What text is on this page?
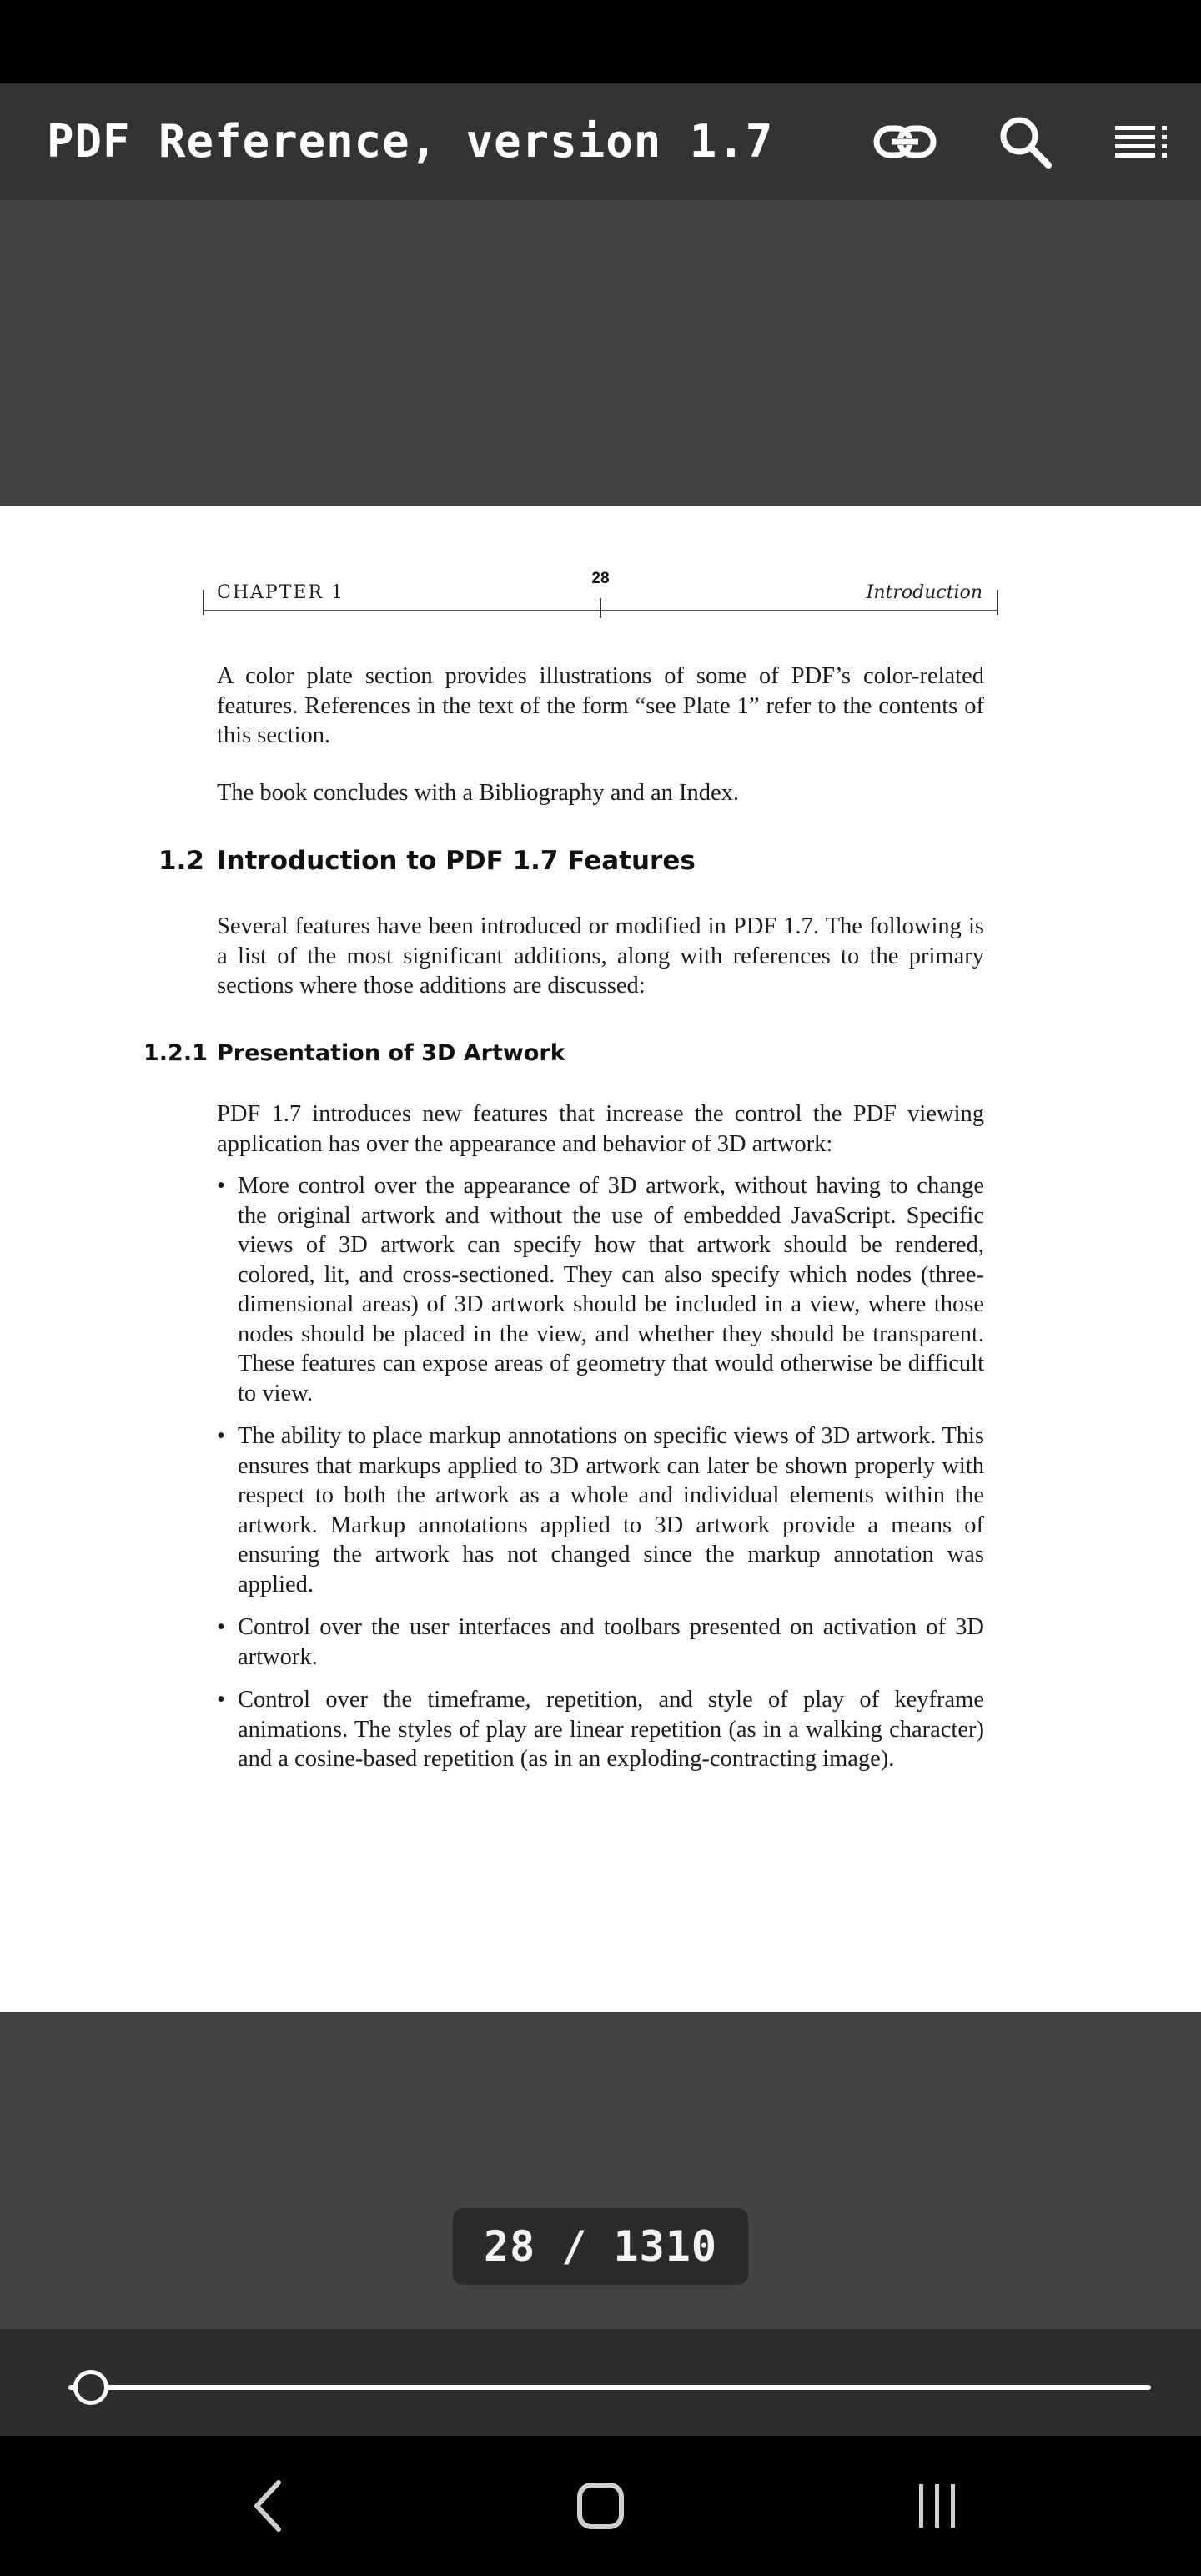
PDF Reference, version 1.7
CHAPTER 1
28
Introduction

A color plate section provides illustrations of some of PDF’s color-related features. References in the text of the form “see Plate 1” refer to the contents of this section.

The book concludes with a Bibliography and an Index.

1.2 Introduction to PDF 1.7 Features

Several features have been introduced or modified in PDF 1.7. The following is a list of the most significant additions, along with references to the primary sections where those additions are discussed:

1.2.1 Presentation of 3D Artwork

PDF 1.7 introduces new features that increase the control the PDF viewing application has over the appearance and behavior of 3D artwork:

• More control over the appearance of 3D artwork, without having to change the original artwork and without the use of embedded JavaScript. Specific views of 3D artwork can specify how that artwork should be rendered, colored, lit, and cross-sectioned. They can also specify which nodes (three-dimensional areas) of 3D artwork should be included in a view, where those nodes should be placed in the view, and whether they should be transparent. These features can expose areas of geometry that would otherwise be difficult to view.
• The ability to place markup annotations on specific views of 3D artwork. This ensures that markups applied to 3D artwork can later be shown properly with respect to both the artwork as a whole and individual elements within the artwork. Markup annotations applied to 3D artwork provide a means of ensuring the artwork has not changed since the markup annotation was applied.
• Control over the user interfaces and toolbars presented on activation of 3D artwork.
• Control over the timeframe, repetition, and style of play of keyframe animations. The styles of play are linear repetition (as in a walking character) and a cosine-based repetition (as in an exploding-contracting image).
28 / 1310
